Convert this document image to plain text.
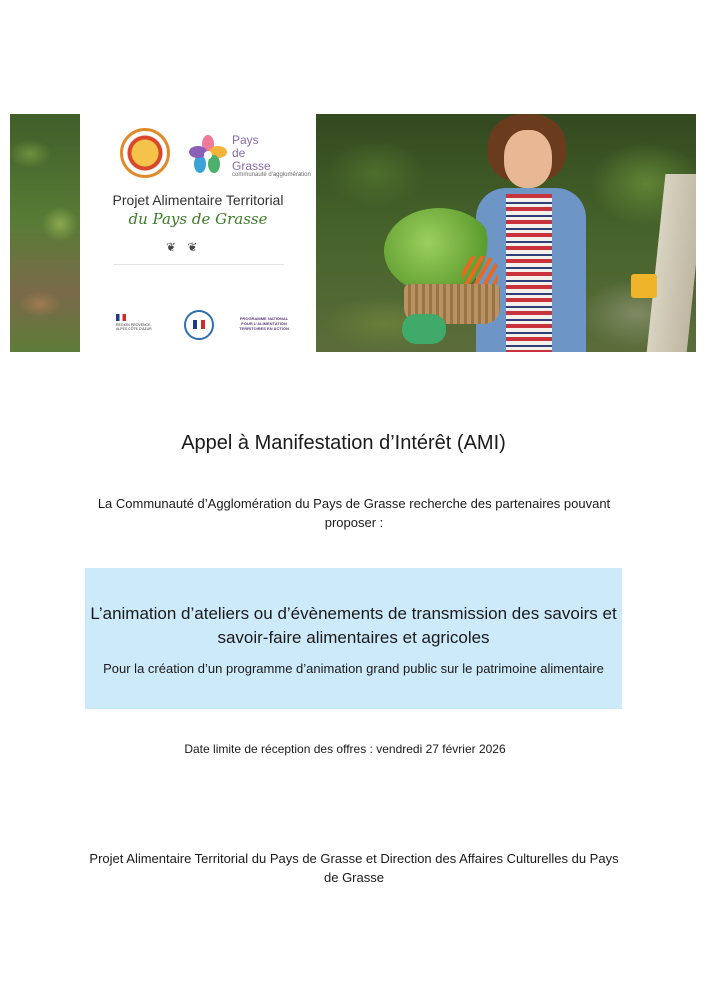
Pays
de
Grasse
communauté d'agglomération
Projet Alimentaire Territorial
du Pays de Grasse
❦ ❦
RÉGION PROVENCE-ALPES CÔTE D'AZUR
PROGRAMME NATIONAL POUR L'ALIMENTATION TERRITOIRES EN ACTION
Appel à Manifestation d’Intérêt (AMI)
La Communauté d’Agglomération du Pays de Grasse recherche des partenaires pouvant proposer :
L’animation d’ateliers ou d’évènements de transmission des savoirs et savoir-faire alimentaires et agricoles
Pour la création d’un programme d’animation grand public sur le patrimoine alimentaire
Date limite de réception des offres : vendredi 27 février 2026
Projet Alimentaire Territorial du Pays de Grasse et Direction des Affaires Culturelles du Pays de Grasse
